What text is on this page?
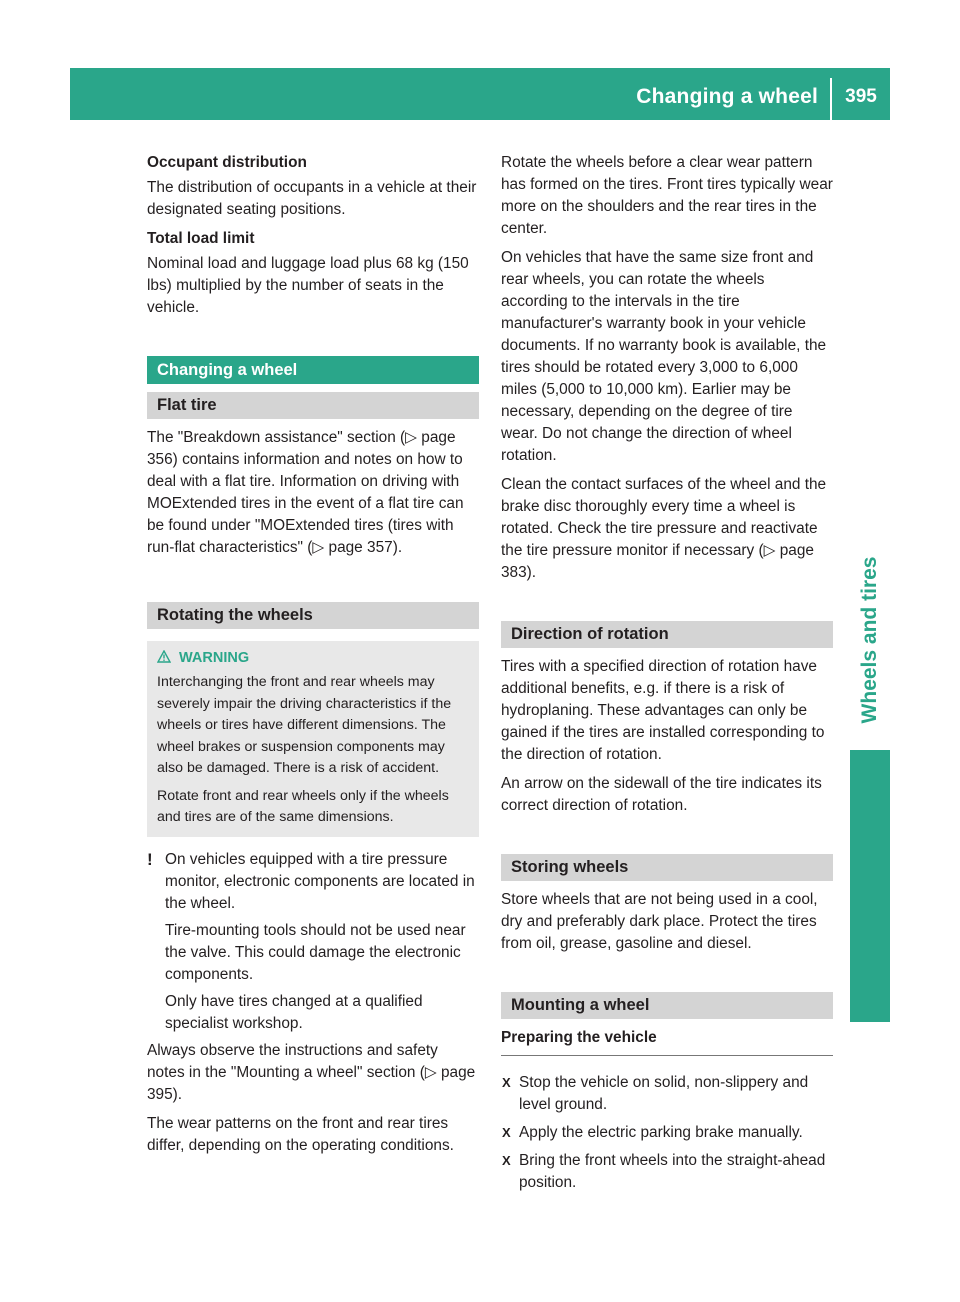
Changing a wheel	395
Wheels and tires
Occupant distribution

The distribution of occupants in a vehicle at their designated seating positions.

Total load limit

Nominal load and luggage load plus 68 kg (150 lbs) multiplied by the number of seats in the vehicle.

Changing a wheel
Flat tire

The "Breakdown assistance" section (▷ page 356) contains information and notes on how to deal with a flat tire. Information on driving with MOExtended tires in the event of a flat tire can be found under "MOExtended tires (tires with run-flat characteristics" (▷ page 357).

Rotating the wheels
WARNING

Interchanging the front and rear wheels may severely impair the driving characteristics if the wheels or tires have different dimensions. The wheel brakes or suspension components may also be damaged. There is a risk of accident.

Rotate front and rear wheels only if the wheels and tires are of the same dimensions.

! On vehicles equipped with a tire pressure monitor, electronic components are located in the wheel.

Tire-mounting tools should not be used near the valve. This could damage the electronic components.

Only have tires changed at a qualified specialist workshop.

Always observe the instructions and safety notes in the "Mounting a wheel" section (▷ page 395).

The wear patterns on the front and rear tires differ, depending on the operating conditions.

Rotate the wheels before a clear wear pattern has formed on the tires. Front tires typically wear more on the shoulders and the rear tires in the center.

On vehicles that have the same size front and rear wheels, you can rotate the wheels according to the intervals in the tire manufacturer's warranty book in your vehicle documents. If no warranty book is available, the tires should be rotated every 3,000 to 6,000 miles (5,000 to 10,000 km). Earlier may be necessary, depending on the degree of tire wear. Do not change the direction of wheel rotation.

Clean the contact surfaces of the wheel and the brake disc thoroughly every time a wheel is rotated. Check the tire pressure and reactivate the tire pressure monitor if necessary (▷ page 383).

Direction of rotation

Tires with a specified direction of rotation have additional benefits, e.g. if there is a risk of hydroplaning. These advantages can only be gained if the tires are installed corresponding to the direction of rotation.

An arrow on the sidewall of the tire indicates its correct direction of rotation.

Storing wheels

Store wheels that are not being used in a cool, dry and preferably dark place. Protect the tires from oil, grease, gasoline and diesel.

Mounting a wheel
Preparing the vehicle
X Stop the vehicle on solid, non-slippery and level ground.
X Apply the electric parking brake manually.
X Bring the front wheels into the straight-ahead position.
